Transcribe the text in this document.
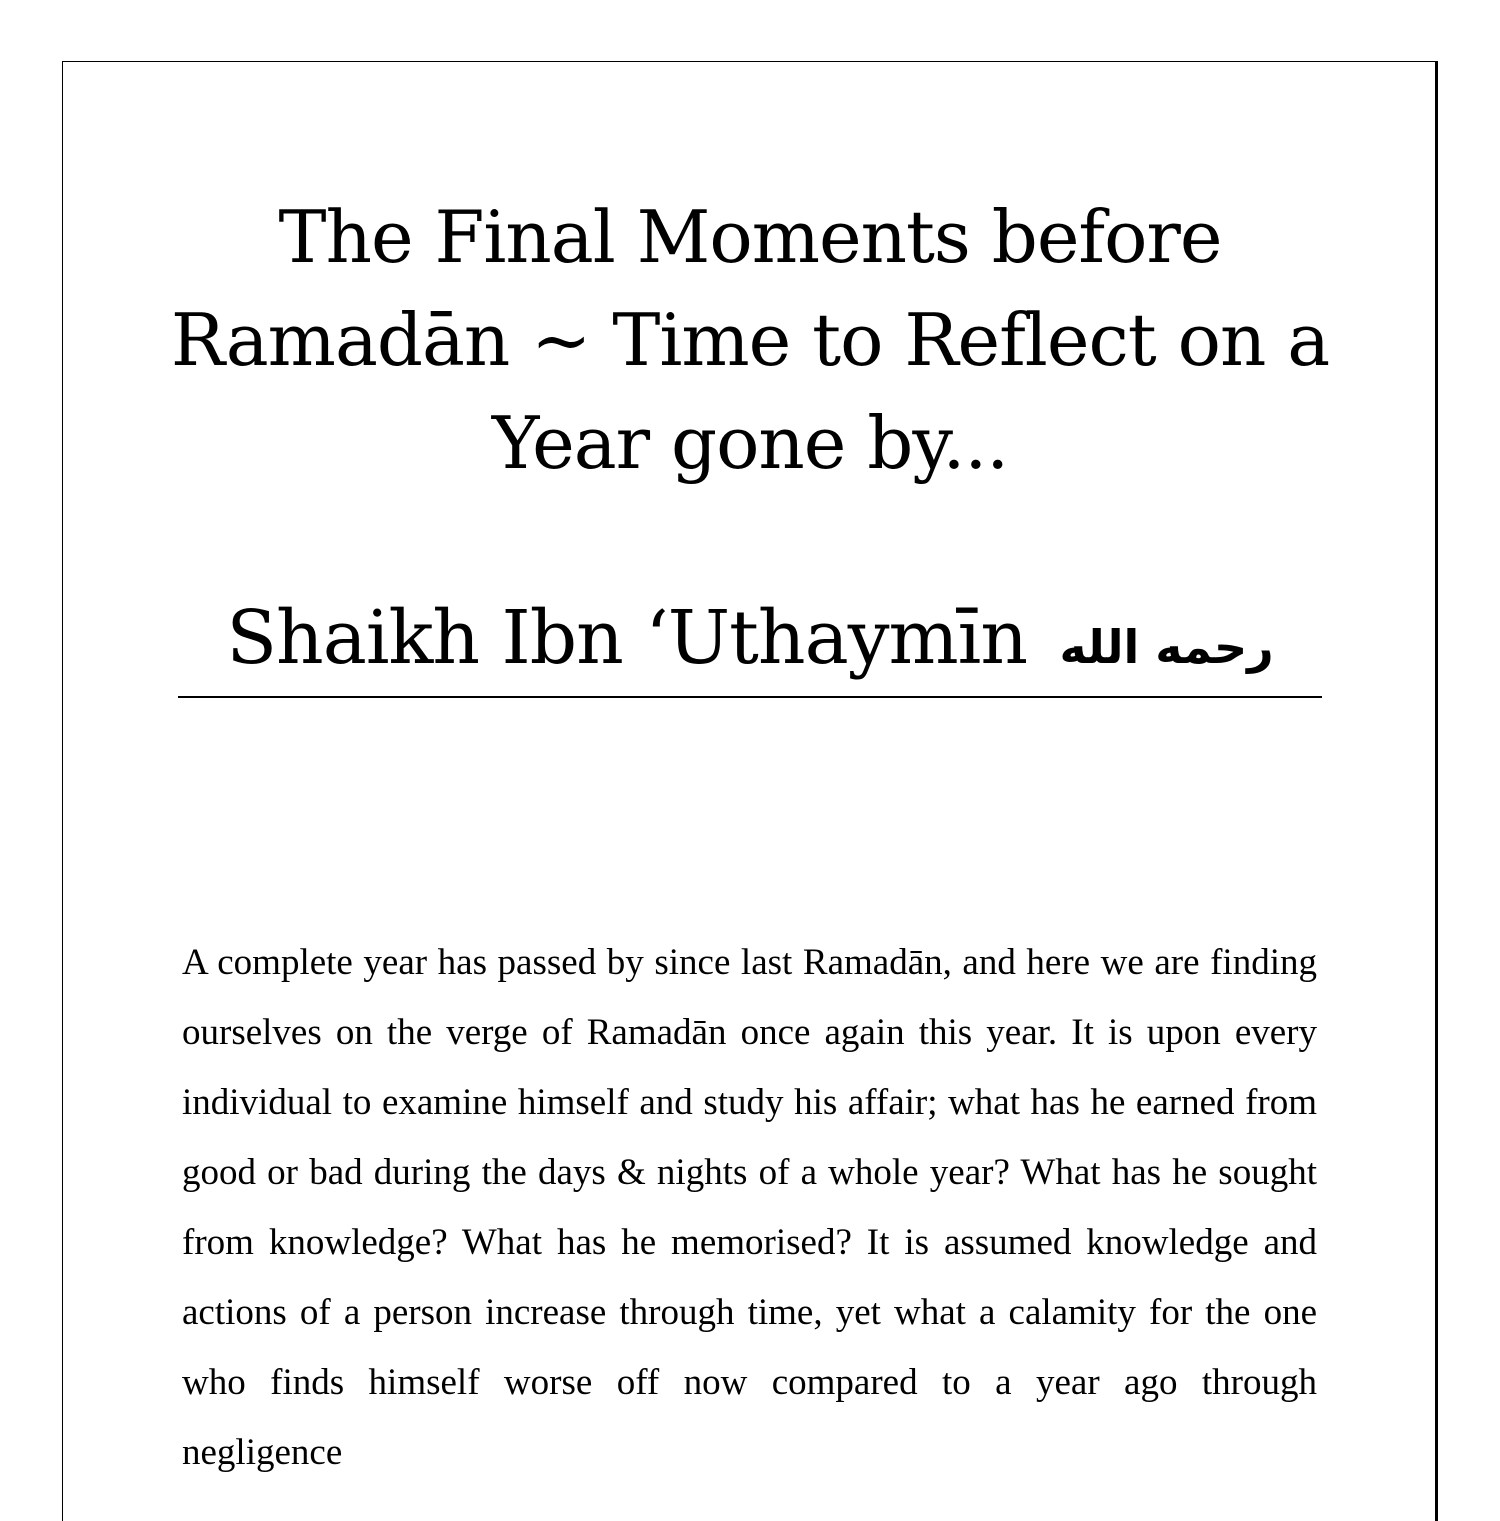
The Final Moments before Ramadān ~ Time to Reflect on a Year gone by...
Shaikh Ibn ‘Uthaymīn رحمه الله

A complete year has passed by since last Ramadān, and here we are finding ourselves on the verge of Ramadān once again this year. It is upon every individual to examine himself and study his affair; what has he earned from good or bad during the days & nights of a whole year? What has he sought from knowledge? What has he memorised? It is assumed knowledge and actions of a person increase through time, yet what a calamity for the one who finds himself worse off now compared to a year ago through negligence
